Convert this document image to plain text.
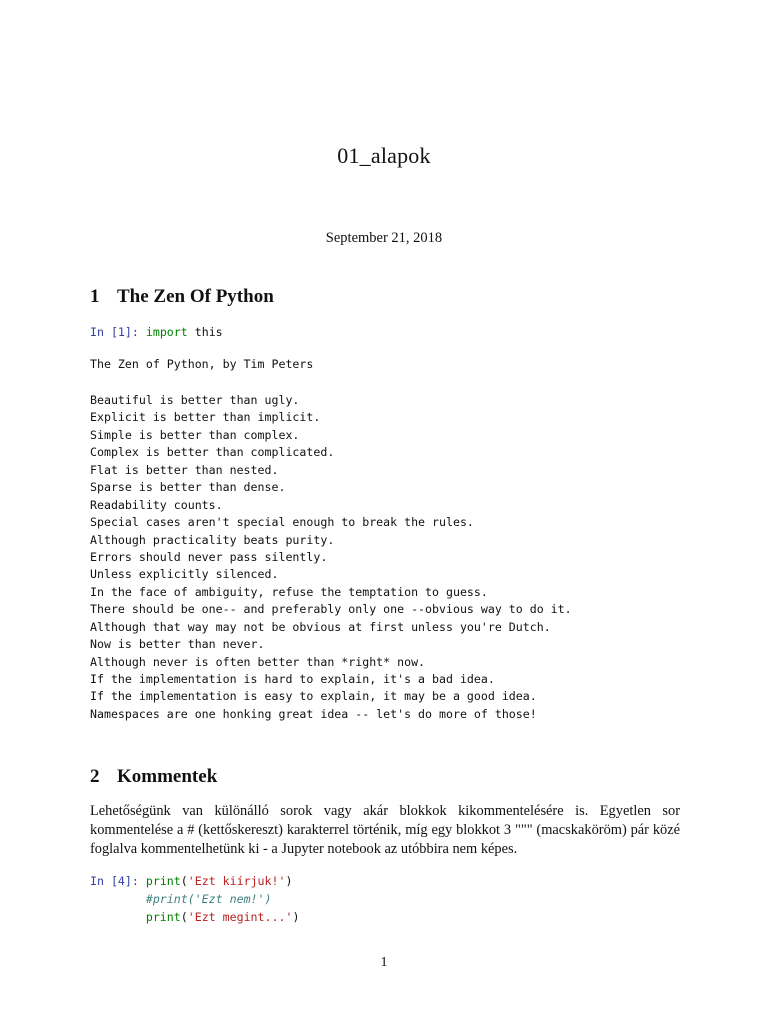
01_alapok
September 21, 2018
1 The Zen Of Python
In [1]: import this
The Zen of Python, by Tim Peters
Beautiful is better than ugly.
Explicit is better than implicit.
Simple is better than complex.
Complex is better than complicated.
Flat is better than nested.
Sparse is better than dense.
Readability counts.
Special cases aren't special enough to break the rules.
Although practicality beats purity.
Errors should never pass silently.
Unless explicitly silenced.
In the face of ambiguity, refuse the temptation to guess.
There should be one-- and preferably only one --obvious way to do it.
Although that way may not be obvious at first unless you're Dutch.
Now is better than never.
Although never is often better than *right* now.
If the implementation is hard to explain, it's a bad idea.
If the implementation is easy to explain, it may be a good idea.
Namespaces are one honking great idea -- let's do more of those!
2 Kommentek
Lehetőségünk van különálló sorok vagy akár blokkok kikommentelésére is. Egyetlen sor kommentelése a # (kettőskereszt) karakterrel történik, míg egy blokkot 3 """ (macskaköröm) pár közé foglalva kommentelhetünk ki - a Jupyter notebook az utóbbira nem képes.
In [4]: print('Ezt kiírjuk!')
#print('Ezt nem!')
print('Ezt megint...')
1
